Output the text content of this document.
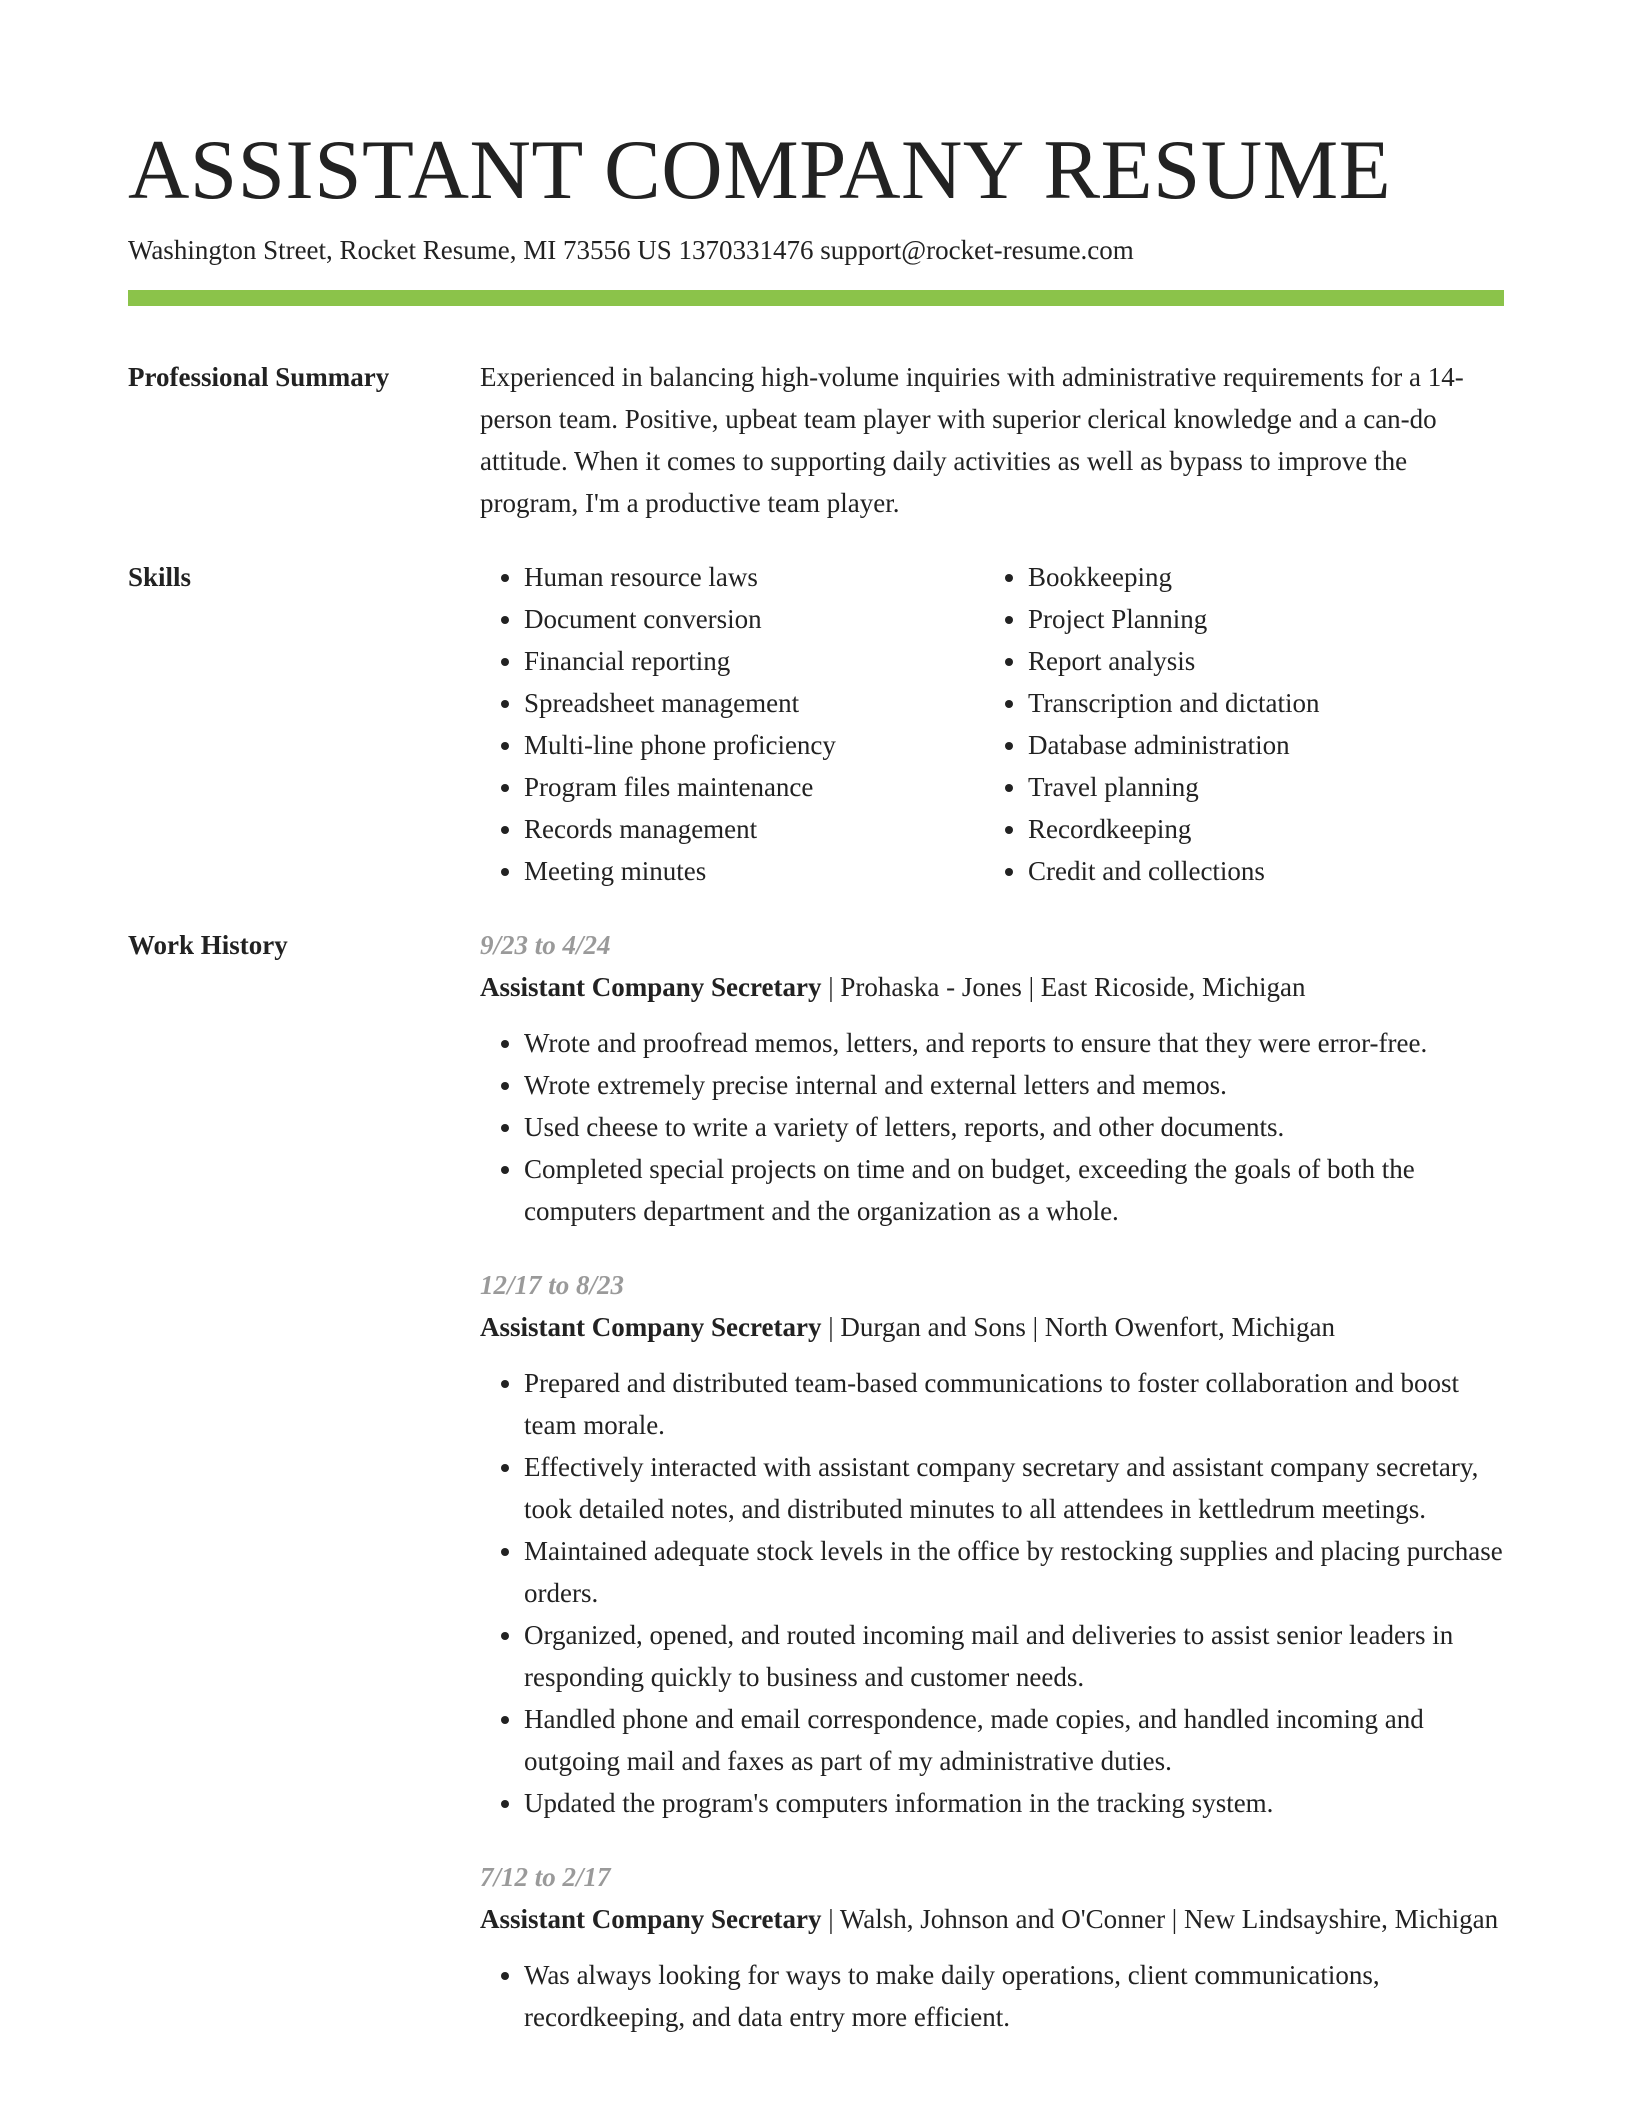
ASSISTANT COMPANY RESUME
Washington Street, Rocket Resume, MI 73556 US 1370331476 support@rocket-resume.com
Professional Summary	Experienced in balancing high-volume inquiries with administrative requirements for a 14-person team. Positive, upbeat team player with superior clerical knowledge and a can-do attitude. When it comes to supporting daily activities as well as bypass to improve the program, I'm a productive team player.
Skills
•	Human resource laws
• Document conversion
• Financial reporting
• Spreadsheet management
• Multi-line phone proficiency
• Program files maintenance
• Records management
• Meeting minutes
• Bookkeeping
• Project Planning
• Report analysis
• Transcription and dictation
• Database administration
• Travel planning
• Recordkeeping
• Credit and collections
Work History	9/23 to 4/24
Assistant Company Secretary | Prohaska - Jones | East Ricoside, Michigan
• Wrote and proofread memos, letters, and reports to ensure that they were error-free.
• Wrote extremely precise internal and external letters and memos.
• Used cheese to write a variety of letters, reports, and other documents.
• Completed special projects on time and on budget, exceeding the goals of both the computers department and the organization as a whole.
12/17 to 8/23
Assistant Company Secretary | Durgan and Sons | North Owenfort, Michigan
• Prepared and distributed team-based communications to foster collaboration and boost team morale.
• Effectively interacted with assistant company secretary and assistant company secretary, took detailed notes, and distributed minutes to all attendees in kettledrum meetings.
• Maintained adequate stock levels in the office by restocking supplies and placing purchase orders.
• Organized, opened, and routed incoming mail and deliveries to assist senior leaders in responding quickly to business and customer needs.
• Handled phone and email correspondence, made copies, and handled incoming and outgoing mail and faxes as part of my administrative duties.
• Updated the program's computers information in the tracking system.
7/12 to 2/17
Assistant Company Secretary | Walsh, Johnson and O'Conner | New Lindsayshire, Michigan
• Was always looking for ways to make daily operations, client communications, recordkeeping, and data entry more efficient.
